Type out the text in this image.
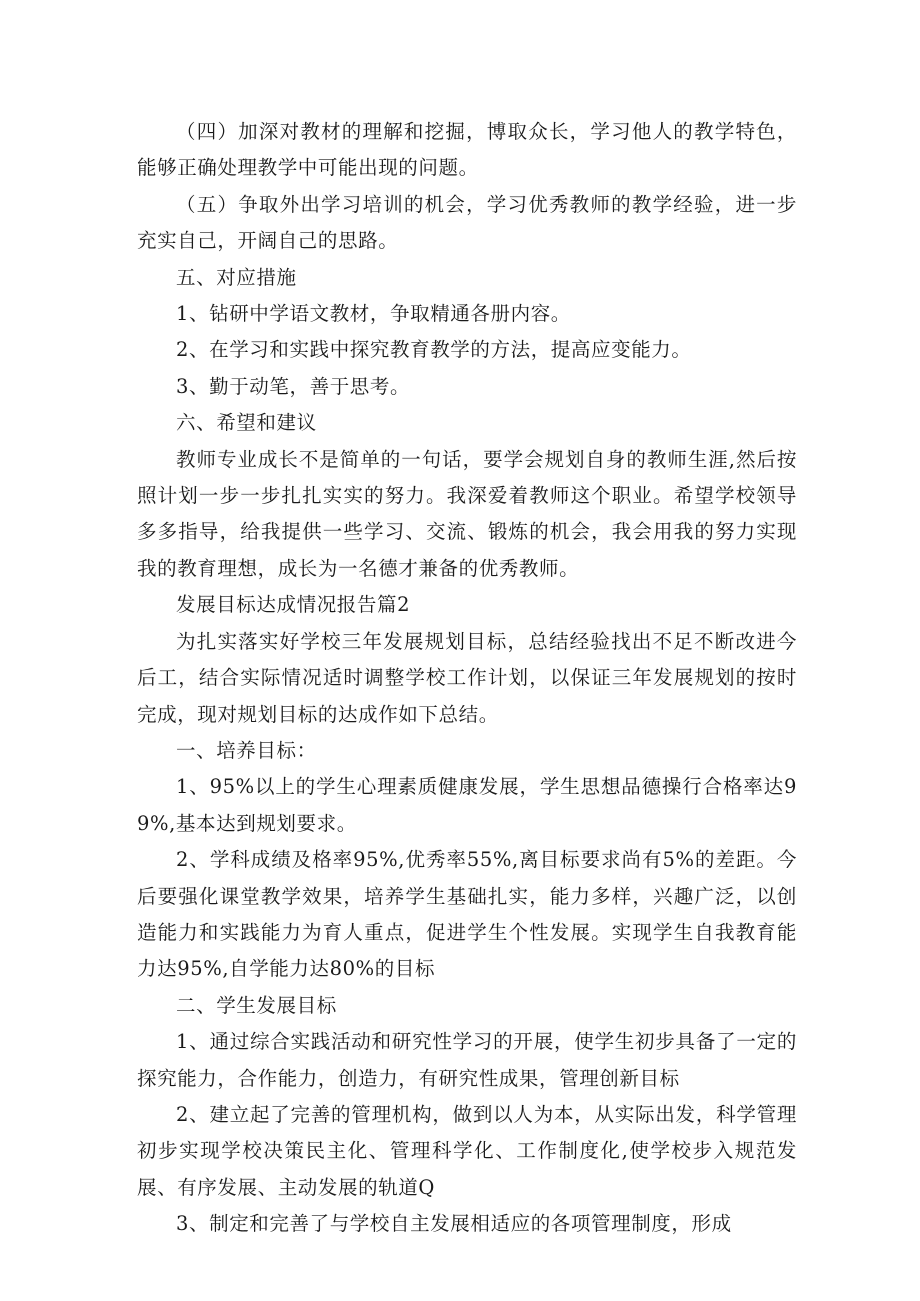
（四）加深对教材的理解和挖掘，博取众长，学习他人的教学特色，能够正确处理教学中可能出现的问题。

（五）争取外出学习培训的机会，学习优秀教师的教学经验，进一步充实自己，开阔自己的思路。

五、对应措施

1、钻研中学语文教材，争取精通各册内容。

2、在学习和实践中探究教育教学的方法，提高应变能力。

3、勤于动笔，善于思考。

六、希望和建议

教师专业成长不是简单的一句话，要学会规划自身的教师生涯,然后按照计划一步一步扎扎实实的努力。我深爱着教师这个职业。希望学校领导多多指导，给我提供一些学习、交流、锻炼的机会，我会用我的努力实现我的教育理想，成长为一名德才兼备的优秀教师。

发展目标达成情况报告篇2

为扎实落实好学校三年发展规划目标，总结经验找出不足不断改进今后工，结合实际情况适时调整学校工作计划，以保证三年发展规划的按时完成，现对规划目标的达成作如下总结。

一、培养目标：

1、95%以上的学生心理素质健康发展，学生思想品德操行合格率达99%,基本达到规划要求。

2、学科成绩及格率95%,优秀率55%,离目标要求尚有5%的差距。今后要强化课堂教学效果，培养学生基础扎实，能力多样，兴趣广泛，以创造能力和实践能力为育人重点，促进学生个性发展。实现学生自我教育能力达95%,自学能力达80%的目标

二、学生发展目标

1、通过综合实践活动和研究性学习的开展，使学生初步具备了一定的探究能力，合作能力，创造力，有研究性成果，管理创新目标

2、建立起了完善的管理机构，做到以人为本，从实际出发，科学管理初步实现学校决策民主化、管理科学化、工作制度化,使学校步入规范发展、有序发展、主动发展的轨道Q

3、制定和完善了与学校自主发展相适应的各项管理制度，形成
